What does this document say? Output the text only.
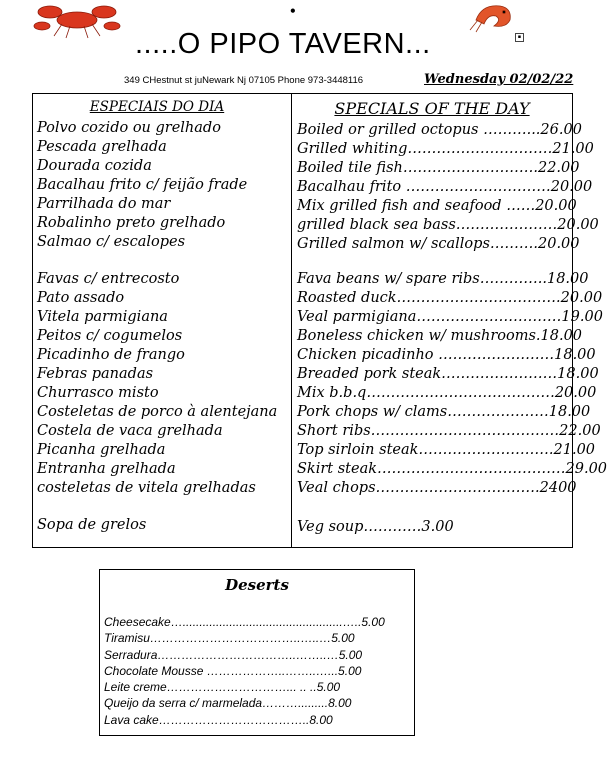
•
.....O PIPO TAVERN...	▪
349 CHestnut st juNewark Nj 07105 Phone 973-3448116	Wednesday 02/02/22
ESPECIAIS DO DIA
Polvo cozido ou grelhado
Pescada grelhada
Dourada cozida
Bacalhau frito c/ feijão frade
Parrilhada do mar
Robalinho preto grelhado
Salmao c/ escalopes
Favas c/ entrecosto
Pato assado
Vitela parmigiana
Peitos c/ cogumelos
Picadinho de frango
Febras panadas
Churrasco misto
Costeletas de porco à alentejana
Costela de vaca grelhada
Picanha grelhada
Entranha grelhada
costeletas de vitela grelhadas
Sopa de grelos
SPECIALS OF THE DAY
Boiled or grilled octopus ………...26.00
Grilled whiting…………………………21.00
Boiled tile fish……………………….22.00
Bacalhau frito …………………………20.00
Mix grilled fish and seafood ……20.00
grilled black sea bass…………………20.00
Grilled salmon w/ scallops……….20.00
Fava beans w/ spare ribs…………..18.00
Roasted duck…………………………….20.00
Veal parmigiana…………………………19.00
Boneless chicken w/ mushrooms.18.00
Chicken picadinho ……………………18.00
Breaded pork steak……………………18.00
Mix b.b.q…………………………………20.00
Pork chops w/ clams…………………18.00
Short ribs…………………………………22.00
Top sirloin steak……………………….21.00
Skirt steak…………………………………29.00
Veal chops…………………………….2400
Veg soup…………3.00
Deserts
Cheesecake…................................................…..5.00
Tiramisu………………………………..…..…5.00
Serradura……………………………..……..…5.00
Chocolate Mousse ………………..……..…...5.00
Leite creme…………………………... .. ..5.00
Queijo da serra c/ marmelada……….........8.00
Lava cake………………………………..8.00
